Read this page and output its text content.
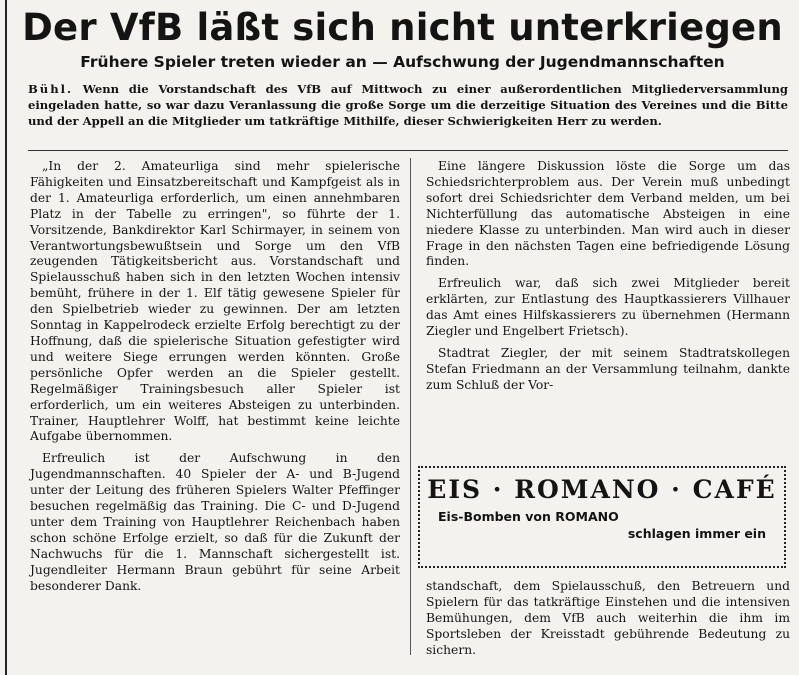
Der VfB läßt sich nicht unterkriegen
Frühere Spieler treten wieder an — Aufschwung der Jugendmannschaften
Bühl. Wenn die Vorstandschaft des VfB auf Mittwoch zu einer außerordentlichen Mitgliederversammlung eingeladen hatte, so war dazu Veranlassung die große Sorge um die derzeitige Situation des Vereines und die Bitte und der Appell an die Mitglieder um tatkräftige Mithilfe, dieser Schwierigkeiten Herr zu werden.

„In der 2. Amateurliga sind mehr spielerische Fähigkeiten und Einsatzbereitschaft und Kampfgeist als in der 1. Amateurliga erforderlich, um einen annehmbaren Platz in der Tabelle zu erringen", so führte der 1. Vorsitzende, Bankdirektor Karl Schirmayer, in seinem von Verantwortungsbewußtsein und Sorge um den VfB zeugenden Tätigkeitsbericht aus. Vorstandschaft und Spielausschuß haben sich in den letzten Wochen intensiv bemüht, frühere in der 1. Elf tätig gewesene Spieler für den Spielbetrieb wieder zu gewinnen. Der am letzten Sonntag in Kappelrodeck erzielte Erfolg berechtigt zu der Hoffnung, daß die spielerische Situation gefestigter wird und weitere Siege errungen werden könnten. Große persönliche Opfer werden an die Spieler gestellt. Regelmäßiger Trainingsbesuch aller Spieler ist erforderlich, um ein weiteres Absteigen zu unterbinden. Trainer, Hauptlehrer Wolff, hat bestimmt keine leichte Aufgabe übernommen.

Erfreulich ist der Aufschwung in den Jugendmannschaften. 40 Spieler der A- und B-Jugend unter der Leitung des früheren Spielers Walter Pfeffinger besuchen regelmäßig das Training. Die C- und D-Jugend unter dem Training von Hauptlehrer Reichenbach haben schon schöne Erfolge erzielt, so daß für die Zukunft der Nachwuchs für die 1. Mannschaft sichergestellt ist. Jugendleiter Hermann Braun gebührt für seine Arbeit besonderer Dank.

Eine längere Diskussion löste die Sorge um das Schiedsrichterproblem aus. Der Verein muß unbedingt sofort drei Schiedsrichter dem Verband melden, um bei Nichterfüllung das automatische Absteigen in eine niedere Klasse zu unterbinden. Man wird auch in dieser Frage in den nächsten Tagen eine befriedigende Lösung finden.

Erfreulich war, daß sich zwei Mitglieder bereit erklärten, zur Entlastung des Hauptkassierers Villhauer das Amt eines Hilfskassierers zu übernehmen (Hermann Ziegler und Engelbert Frietsch).

Stadtrat Ziegler, der mit seinem Stadtratskollegen Stefan Friedmann an der Versammlung teilnahm, dankte zum Schluß der Vor-

EIS · ROMANO · CAFÉ
Eis-Bomben von ROMANO
schlagen immer ein

standschaft, dem Spielausschuß, den Betreuern und Spielern für das tatkräftige Einstehen und die intensiven Bemühungen, dem VfB auch weiterhin die ihm im Sportsleben der Kreisstadt gebührende Bedeutung zu sichern.
